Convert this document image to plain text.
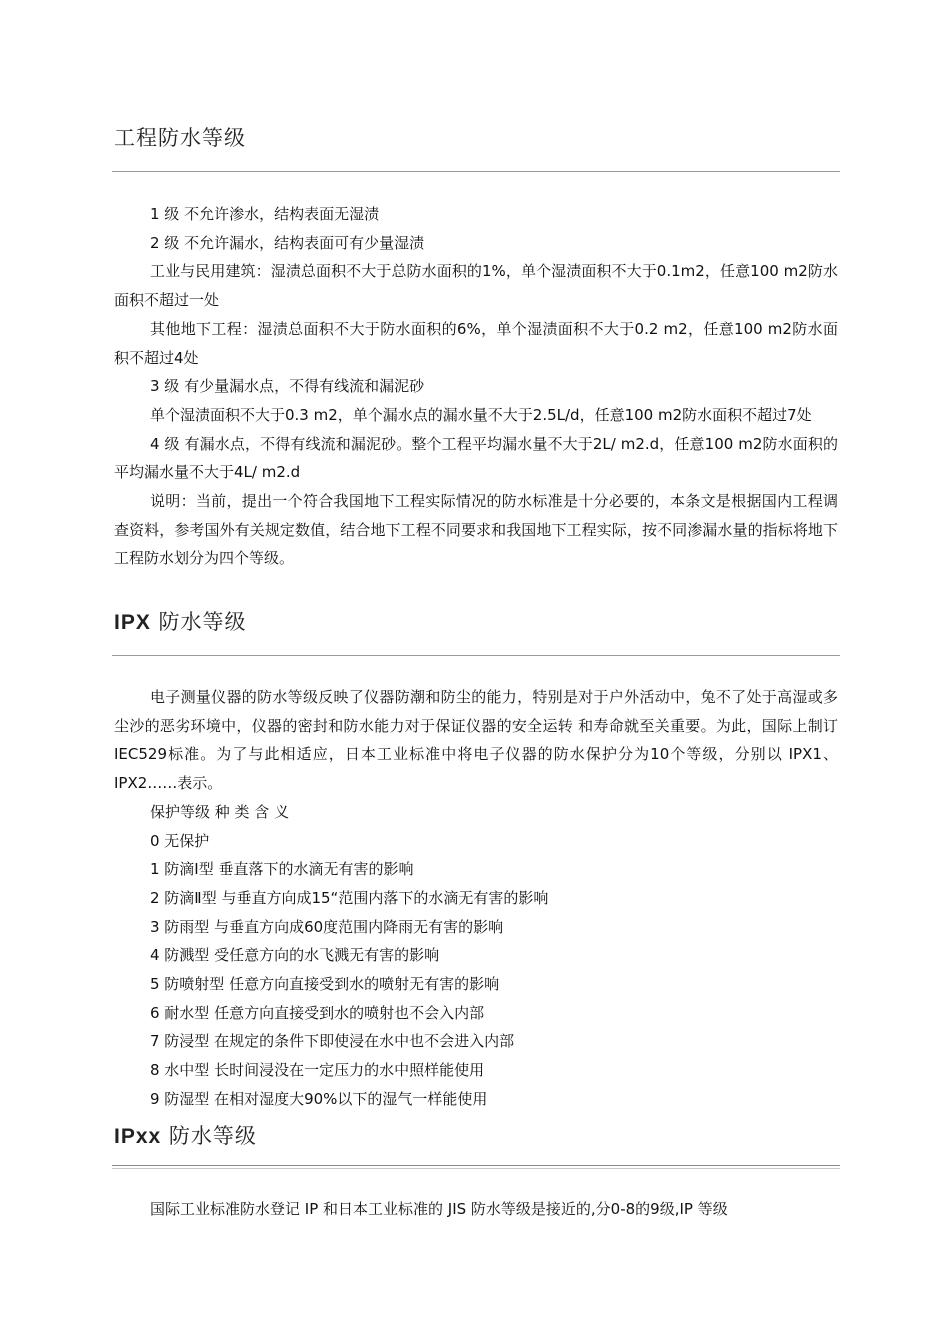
工程防水等级

1 级 不允许渗水，结构表面无湿渍

2 级 不允许漏水，结构表面可有少量湿渍

工业与民用建筑：湿渍总面积不大于总防水面积的1%，单个湿渍面积不大于0.1m2，任意100 m2防水面积不超过一处

其他地下工程：湿渍总面积不大于防水面积的6%，单个湿渍面积不大于0.2 m2，任意100 m2防水面积不超过4处

3 级 有少量漏水点，不得有线流和漏泥砂

单个湿渍面积不大于0.3 m2，单个漏水点的漏水量不大于2.5L/d，任意100 m2防水面积不超过7处

4 级 有漏水点，不得有线流和漏泥砂。整个工程平均漏水量不大于2L/ m2.d，任意100 m2防水面积的平均漏水量不大于4L/ m2.d

说明：当前，提出一个符合我国地下工程实际情况的防水标准是十分必要的，本条文是根据国内工程调查资料，参考国外有关规定数值，结合地下工程不同要求和我国地下工程实际，按不同渗漏水量的指标将地下工程防水划分为四个等级。

IPX 防水等级

电子测量仪器的防水等级反映了仪器防潮和防尘的能力，特别是对于户外活动中，兔不了处于高湿或多尘沙的恶劣环境中，仪器的密封和防水能力对于保证仪器的安全运转 和寿命就至关重要。为此，国际上制订 IEC529标准。为了与此相适应，日本工业标准中将电子仪器的防水保护分为10个等级，分别以 IPX1、IPX2……表示。

保护等级 种 类 含 义

0 无保护

1 防滴Ⅰ型 垂直落下的水滴无有害的影响

2 防滴Ⅱ型 与垂直方向成15“范围内落下的水滴无有害的影响

3 防雨型 与垂直方向成60度范围内降雨无有害的影响

4 防溅型 受任意方向的水飞溅无有害的影响

5 防喷射型 任意方向直接受到水的喷射无有害的影响

6 耐水型 任意方向直接受到水的喷射也不会入内部

7 防浸型 在规定的条件下即使浸在水中也不会进入内部

8 水中型 长时间浸没在一定压力的水中照样能使用

9 防湿型 在相对湿度大90%以下的湿气一样能使用

IPxx 防水等级

国际工业标准防水登记 IP 和日本工业标准的 JIS 防水等级是接近的,分0-8的9级,IP 等级
